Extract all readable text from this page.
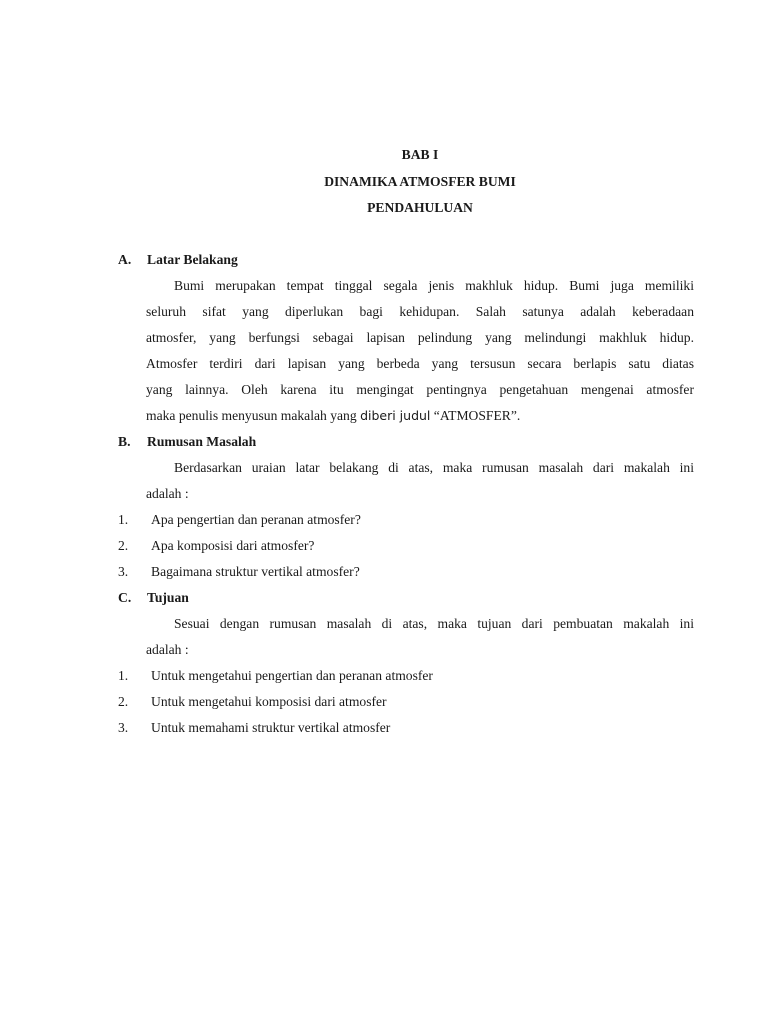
BAB I
DINAMIKA ATMOSFER BUMI
PENDAHULUAN
A. Latar Belakang
Bumi merupakan tempat tinggal segala jenis makhluk hidup. Bumi juga memiliki
seluruh sifat yang diperlukan bagi kehidupan. Salah satunya adalah keberadaan
atmosfer, yang berfungsi sebagai lapisan pelindung yang melindungi makhluk hidup.
Atmosfer terdiri dari lapisan yang berbeda yang tersusun secara berlapis satu diatas
yang lainnya. Oleh karena itu mengingat pentingnya pengetahuan mengenai atmosfer
maka penulis menyusun makalah yang diberi judul “ATMOSFER”.
B. Rumusan Masalah
Berdasarkan uraian latar belakang di atas, maka rumusan masalah dari makalah ini
adalah :
1. Apa pengertian dan peranan atmosfer?
2. Apa komposisi dari atmosfer?
3. Bagaimana struktur vertikal atmosfer?
C. Tujuan
Sesuai dengan rumusan masalah di atas, maka tujuan dari pembuatan makalah ini
adalah :
1. Untuk mengetahui pengertian dan peranan atmosfer
2. Untuk mengetahui komposisi dari atmosfer
3. Untuk memahami struktur vertikal atmosfer
